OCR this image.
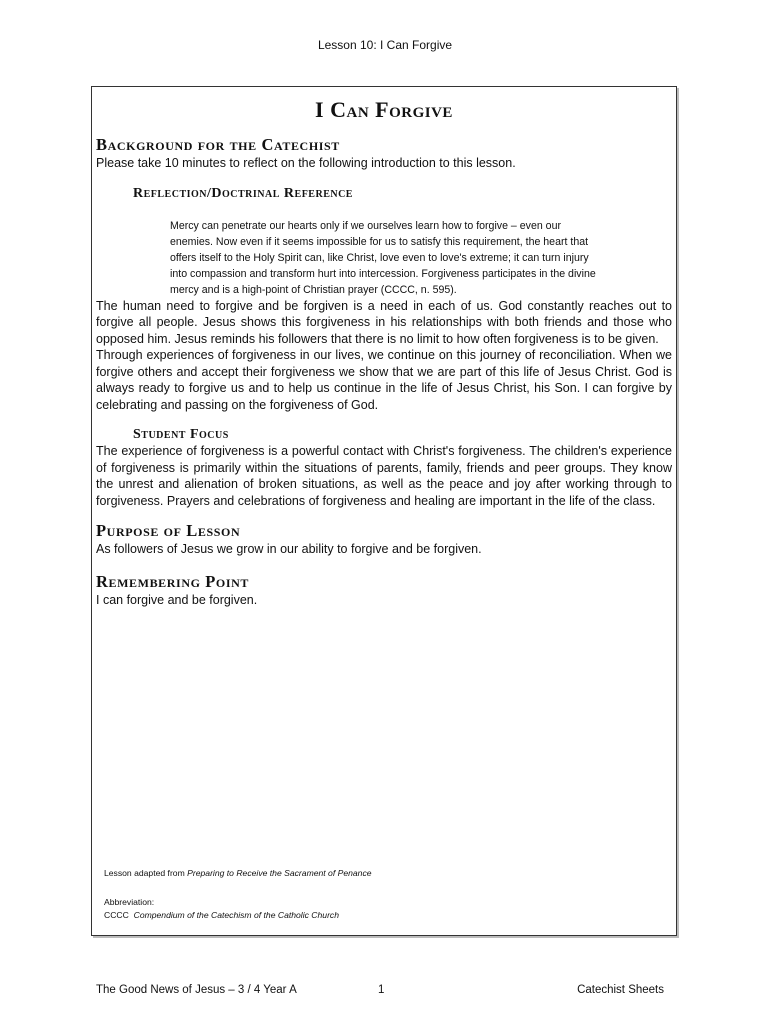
Lesson 10: I Can Forgive
I Can Forgive
Background for the Catechist

Please take 10 minutes to reflect on the following introduction to this lesson.

Reflection/Doctrinal Reference

Mercy can penetrate our hearts only if we ourselves learn how to forgive – even our enemies. Now even if it seems impossible for us to satisfy this requirement, the heart that offers itself to the Holy Spirit can, like Christ, love even to love's extreme; it can turn injury into compassion and transform hurt into intercession. Forgiveness participates in the divine mercy and is a high-point of Christian prayer (CCCC, n. 595).

The human need to forgive and be forgiven is a need in each of us. God constantly reaches out to forgive all people. Jesus shows this forgiveness in his relationships with both friends and those who opposed him. Jesus reminds his followers that there is no limit to how often forgiveness is to be given.

Through experiences of forgiveness in our lives, we continue on this journey of reconciliation. When we forgive others and accept their forgiveness we show that we are part of this life of Jesus Christ. God is always ready to forgive us and to help us continue in the life of Jesus Christ, his Son. I can forgive by celebrating and passing on the forgiveness of God.

Student Focus

The experience of forgiveness is a powerful contact with Christ's forgiveness. The children's experience of forgiveness is primarily within the situations of parents, family, friends and peer groups. They know the unrest and alienation of broken situations, as well as the peace and joy after working through to forgiveness. Prayers and celebrations of forgiveness and healing are important in the life of the class.

Purpose of Lesson

As followers of Jesus we grow in our ability to forgive and be forgiven.

Remembering Point

I can forgive and be forgiven.

Lesson adapted from Preparing to Receive the Sacrament of Penance
Abbreviation:
CCCC Compendium of the Catechism of the Catholic Church
The Good News of Jesus – 3 / 4 Year A	1	Catechist Sheets
